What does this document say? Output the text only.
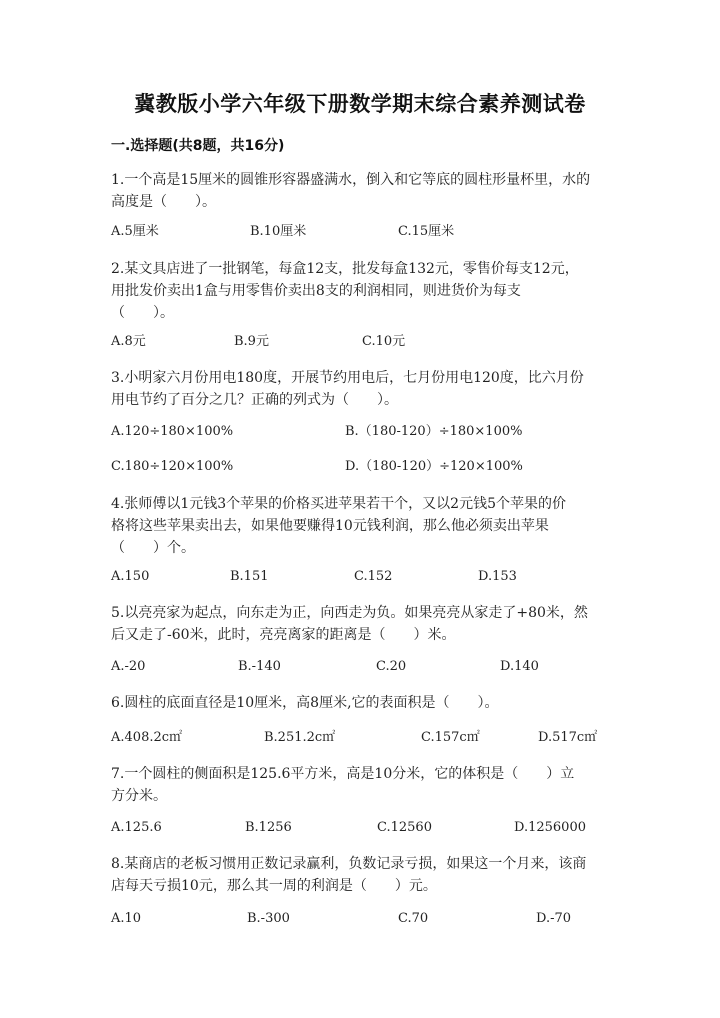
冀教版小学六年级下册数学期末综合素养测试卷
一.选择题(共8题，共16分)
1.一个高是15厘米的圆锥形容器盛满水，倒入和它等底的圆柱形量杯里，水的
高度是（　　）。
A.5厘米	B.10厘米	C.15厘米
2.某文具店进了一批钢笔，每盒12支，批发每盒132元，零售价每支12元，
用批发价卖出1盒与用零售价卖出8支的利润相同，则进货价为每支
（　　）。
A.8元	B.9元	C.10元
3.小明家六月份用电180度，开展节约用电后，七月份用电120度，比六月份
用电节约了百分之几？正确的列式为（　　）。
A.120÷180×100%	B.（180-120）÷180×100%
C.180÷120×100%	D.（180-120）÷120×100%
4.张师傅以1元钱3个苹果的价格买进苹果若干个，又以2元钱5个苹果的价
格将这些苹果卖出去，如果他要赚得10元钱利润，那么他必须卖出苹果
（　　）个。
A.150	B.151	C.152	D.153
5.以亮亮家为起点，向东走为正，向西走为负。如果亮亮从家走了+80米，然
后又走了-60米，此时，亮亮离家的距离是（　　）米。
A.-20	B.-140	C.20	D.140
6.圆柱的底面直径是10厘米，高8厘米,它的表面积是（　　）。
A.408.2c㎡	B.251.2c㎡	C.157c㎡	D.517c㎡
7.一个圆柱的侧面积是125.6平方米，高是10分米，它的体积是（　　）立
方分米。
A.125.6	B.1256	C.12560	D.1256000
8.某商店的老板习惯用正数记录赢利，负数记录亏损，如果这一个月来，该商
店每天亏损10元，那么其一周的利润是（　　）元。
A.10	B.-300	C.70	D.-70
